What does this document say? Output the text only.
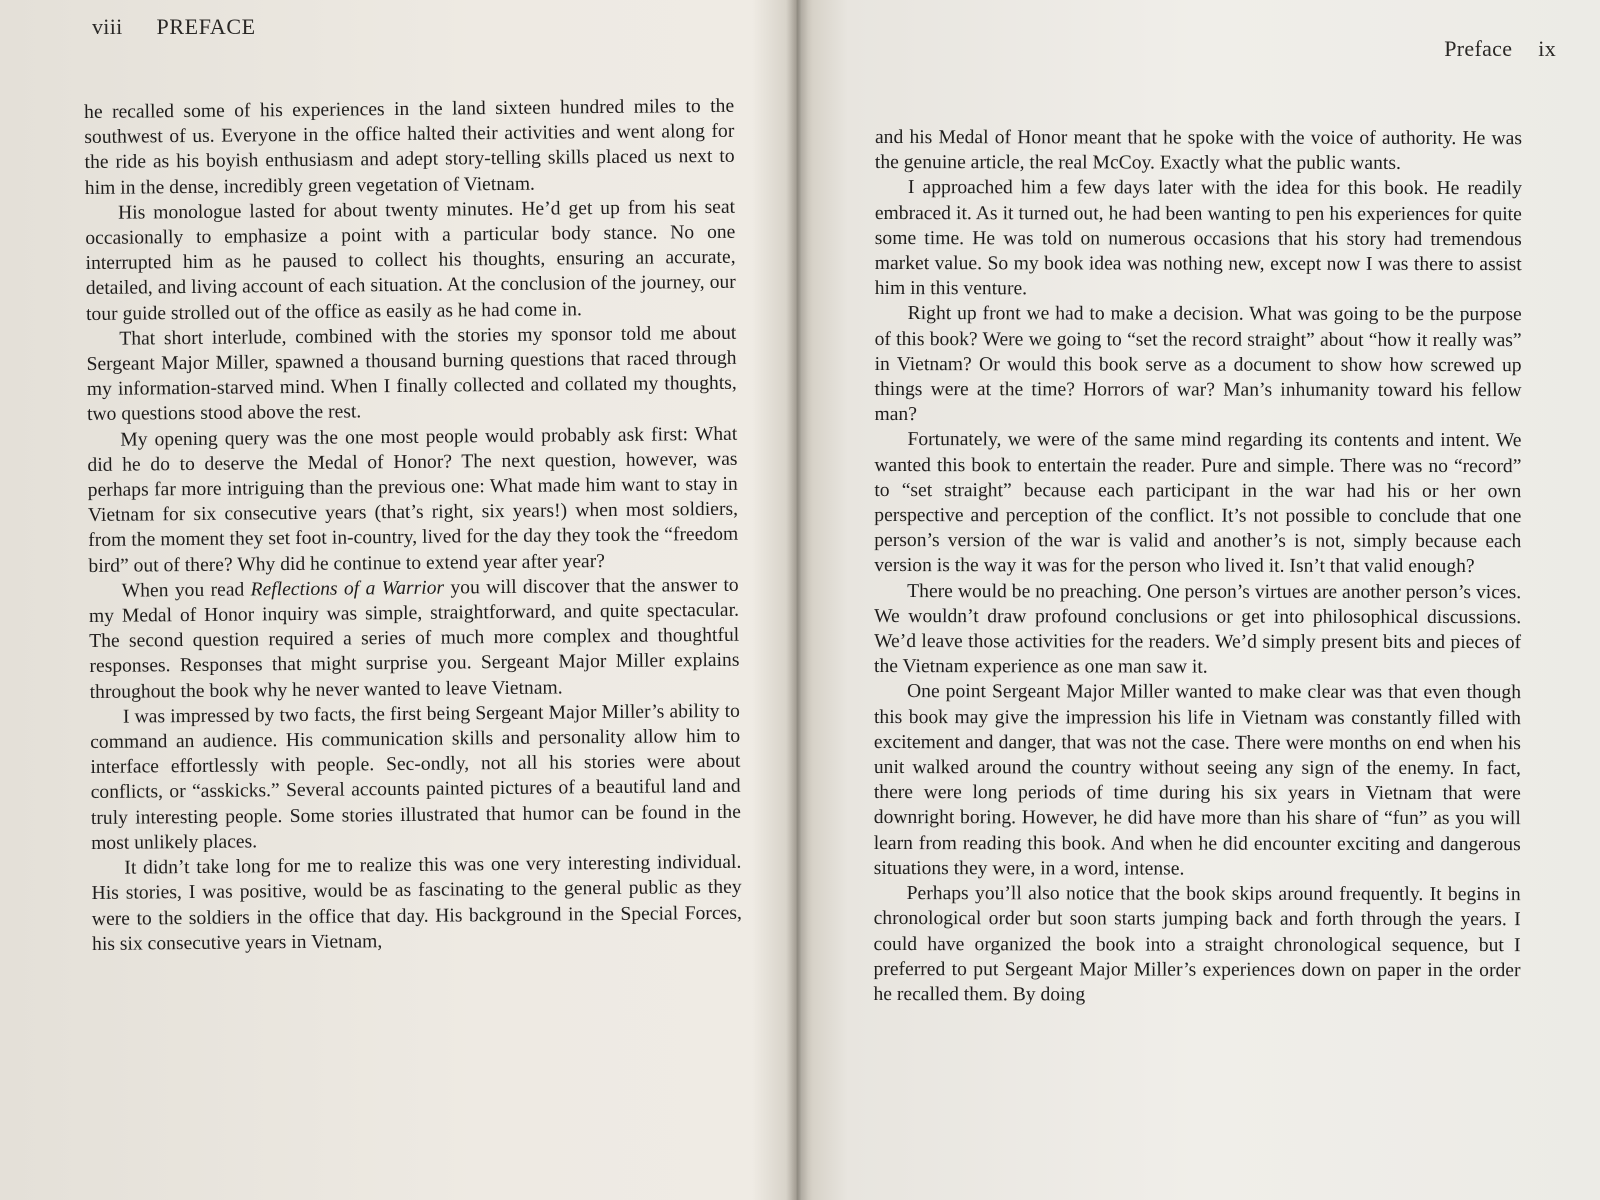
viii PREFACE

he recalled some of his experiences in the land sixteen hundred miles to the southwest of us. Everyone in the office halted their activities and went along for the ride as his boyish enthusiasm and adept story-telling skills placed us next to him in the dense, incredibly green vegetation of Vietnam.

His monologue lasted for about twenty minutes. He’d get up from his seat occasionally to emphasize a point with a particular body stance. No one interrupted him as he paused to collect his thoughts, ensuring an accurate, detailed, and living account of each situation. At the conclusion of the journey, our tour guide strolled out of the office as easily as he had come in.

That short interlude, combined with the stories my sponsor told me about Sergeant Major Miller, spawned a thousand burning questions that raced through my information-starved mind. When I finally collected and collated my thoughts, two questions stood above the rest.

My opening query was the one most people would probably ask first: What did he do to deserve the Medal of Honor? The next question, however, was perhaps far more intriguing than the previous one: What made him want to stay in Vietnam for six consecutive years (that’s right, six years!) when most soldiers, from the moment they set foot in-country, lived for the day they took the “freedom bird” out of there? Why did he continue to extend year after year?

When you read Reflections of a Warrior you will discover that the answer to my Medal of Honor inquiry was simple, straightforward, and quite spectacular. The second question required a series of much more complex and thoughtful responses. Responses that might surprise you. Sergeant Major Miller explains throughout the book why he never wanted to leave Vietnam.

I was impressed by two facts, the first being Sergeant Major Miller’s ability to command an audience. His communication skills and personality allow him to interface effortlessly with people. Sec-ondly, not all his stories were about conflicts, or “asskicks.” Several accounts painted pictures of a beautiful land and truly interesting people. Some stories illustrated that humor can be found in the most unlikely places.

It didn’t take long for me to realize this was one very interesting individual. His stories, I was positive, would be as fascinating to the general public as they were to the soldiers in the office that day. His background in the Special Forces, his six consecutive years in Vietnam,

Preface ix

and his Medal of Honor meant that he spoke with the voice of authority. He was the genuine article, the real McCoy. Exactly what the public wants.

I approached him a few days later with the idea for this book. He readily embraced it. As it turned out, he had been wanting to pen his experiences for quite some time. He was told on numerous occasions that his story had tremendous market value. So my book idea was nothing new, except now I was there to assist him in this venture.

Right up front we had to make a decision. What was going to be the purpose of this book? Were we going to “set the record straight” about “how it really was” in Vietnam? Or would this book serve as a document to show how screwed up things were at the time? Horrors of war? Man’s inhumanity toward his fellow man?

Fortunately, we were of the same mind regarding its contents and intent. We wanted this book to entertain the reader. Pure and simple. There was no “record” to “set straight” because each participant in the war had his or her own perspective and perception of the conflict. It’s not possible to conclude that one person’s version of the war is valid and another’s is not, simply because each version is the way it was for the person who lived it. Isn’t that valid enough?

There would be no preaching. One person’s virtues are another person’s vices. We wouldn’t draw profound conclusions or get into philosophical discussions. We’d leave those activities for the readers. We’d simply present bits and pieces of the Vietnam experience as one man saw it.

One point Sergeant Major Miller wanted to make clear was that even though this book may give the impression his life in Vietnam was constantly filled with excitement and danger, that was not the case. There were months on end when his unit walked around the country without seeing any sign of the enemy. In fact, there were long periods of time during his six years in Vietnam that were downright boring. However, he did have more than his share of “fun” as you will learn from reading this book. And when he did encounter exciting and dangerous situations they were, in a word, intense.

Perhaps you’ll also notice that the book skips around frequently. It begins in chronological order but soon starts jumping back and forth through the years. I could have organized the book into a straight chronological sequence, but I preferred to put Sergeant Major Miller’s experiences down on paper in the order he recalled them. By doing
